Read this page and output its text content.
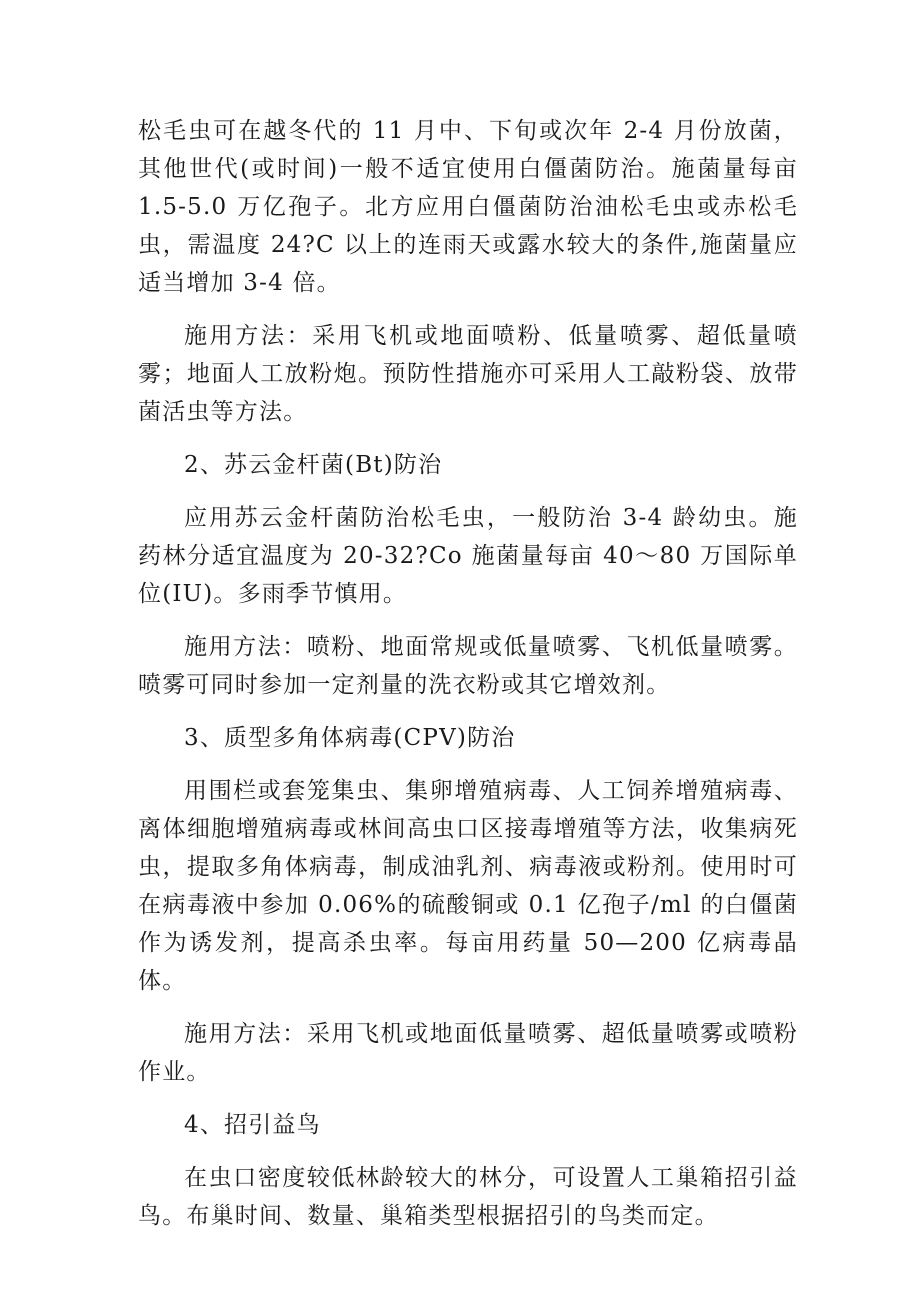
松毛虫可在越冬代的 11 月中、下旬或次年 2-4 月份放菌，其他世代(或时间)一般不适宜使用白僵菌防治。施菌量每亩 1.5-5.0 万亿孢子。北方应用白僵菌防治油松毛虫或赤松毛虫，需温度 24?C 以上的连雨天或露水较大的条件,施菌量应适当增加 3-4 倍。

施用方法：采用飞机或地面喷粉、低量喷雾、超低量喷雾；地面人工放粉炮。预防性措施亦可采用人工敲粉袋、放带菌活虫等方法。

2、苏云金杆菌(Bt)防治

应用苏云金杆菌防治松毛虫，一般防治 3-4 龄幼虫。施药林分适宜温度为 20-32?Co 施菌量每亩 40～80 万国际单位(IU)。多雨季节慎用。

施用方法：喷粉、地面常规或低量喷雾、飞机低量喷雾。喷雾可同时参加一定剂量的洗衣粉或其它增效剂。

3、质型多角体病毒(CPV)防治

用围栏或套笼集虫、集卵增殖病毒、人工饲养增殖病毒、离体细胞增殖病毒或林间高虫口区接毒增殖等方法，收集病死虫，提取多角体病毒，制成油乳剂、病毒液或粉剂。使用时可在病毒液中参加 0.06%的硫酸铜或 0.1 亿孢子/ml 的白僵菌作为诱发剂，提高杀虫率。每亩用药量 50—200 亿病毒晶体。

施用方法：采用飞机或地面低量喷雾、超低量喷雾或喷粉作业。

4、招引益鸟

在虫口密度较低林龄较大的林分，可设置人工巢箱招引益鸟。布巢时间、数量、巢箱类型根据招引的鸟类而定。
